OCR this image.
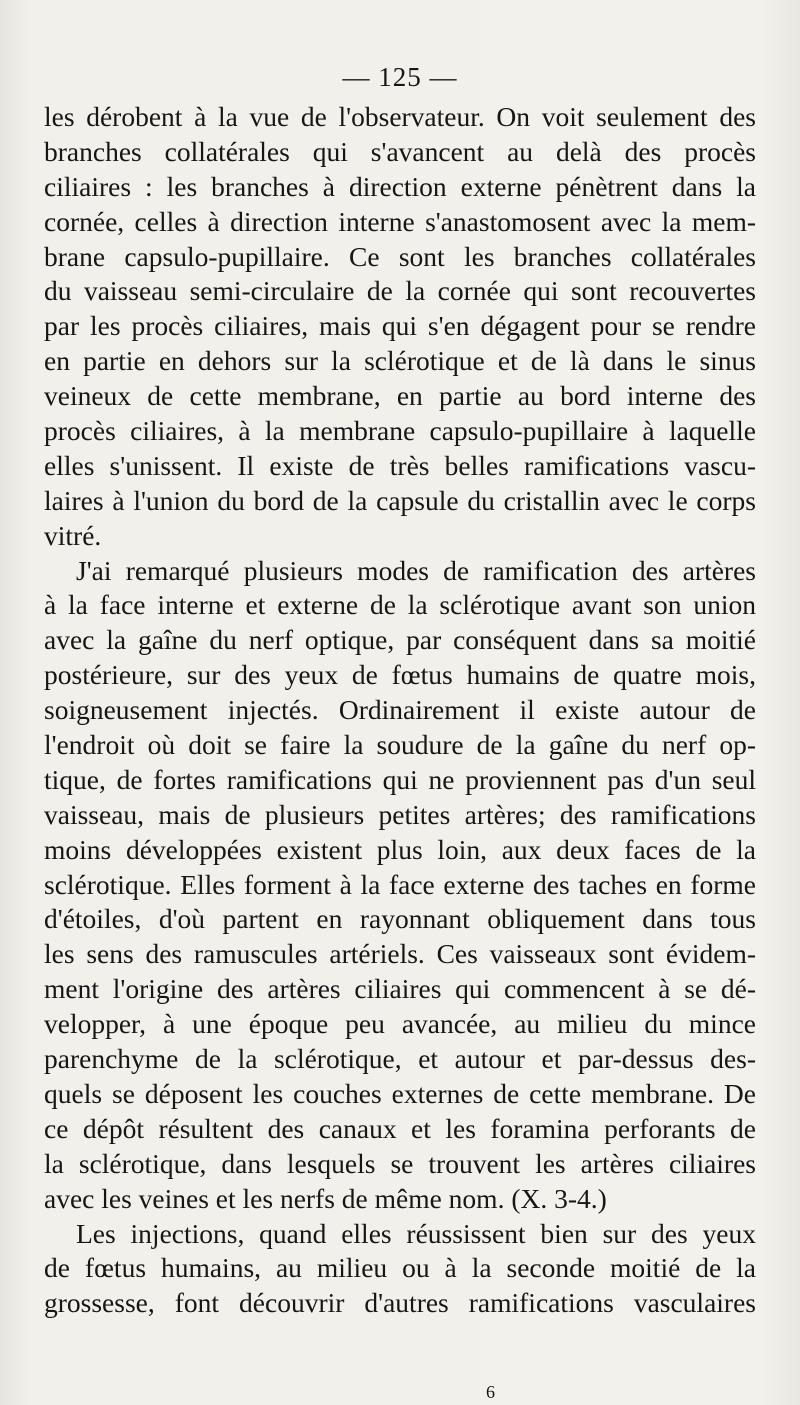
— 125 —
les dérobent à la vue de l'observateur. On voit seulement des
branches collatérales qui s'avancent au delà des procès
ciliaires : les branches à direction externe pénètrent dans la
cornée, celles à direction interne s'anastomosent avec la mem-
brane capsulo-pupillaire. Ce sont les branches collatérales
du vaisseau semi-circulaire de la cornée qui sont recouvertes
par les procès ciliaires, mais qui s'en dégagent pour se rendre
en partie en dehors sur la sclérotique et de là dans le sinus
veineux de cette membrane, en partie au bord interne des
procès ciliaires, à la membrane capsulo-pupillaire à laquelle
elles s'unissent. Il existe de très belles ramifications vascu-
laires à l'union du bord de la capsule du cristallin avec le corps
vitré.
J'ai remarqué plusieurs modes de ramification des artères
à la face interne et externe de la sclérotique avant son union
avec la gaîne du nerf optique, par conséquent dans sa moitié
postérieure, sur des yeux de fœtus humains de quatre mois,
soigneusement injectés. Ordinairement il existe autour de
l'endroit où doit se faire la soudure de la gaîne du nerf op-
tique, de fortes ramifications qui ne proviennent pas d'un seul
vaisseau, mais de plusieurs petites artères; des ramifications
moins développées existent plus loin, aux deux faces de la
sclérotique. Elles forment à la face externe des taches en forme
d'étoiles, d'où partent en rayonnant obliquement dans tous
les sens des ramuscules artériels. Ces vaisseaux sont évidem-
ment l'origine des artères ciliaires qui commencent à se dé-
velopper, à une époque peu avancée, au milieu du mince
parenchyme de la sclérotique, et autour et par-dessus des-
quels se déposent les couches externes de cette membrane. De
ce dépôt résultent des canaux et les foramina perforants de
la sclérotique, dans lesquels se trouvent les artères ciliaires
avec les veines et les nerfs de même nom. (X. 3-4.)
Les injections, quand elles réussissent bien sur des yeux
de fœtus humains, au milieu ou à la seconde moitié de la
grossesse, font découvrir d'autres ramifications vasculaires
6
